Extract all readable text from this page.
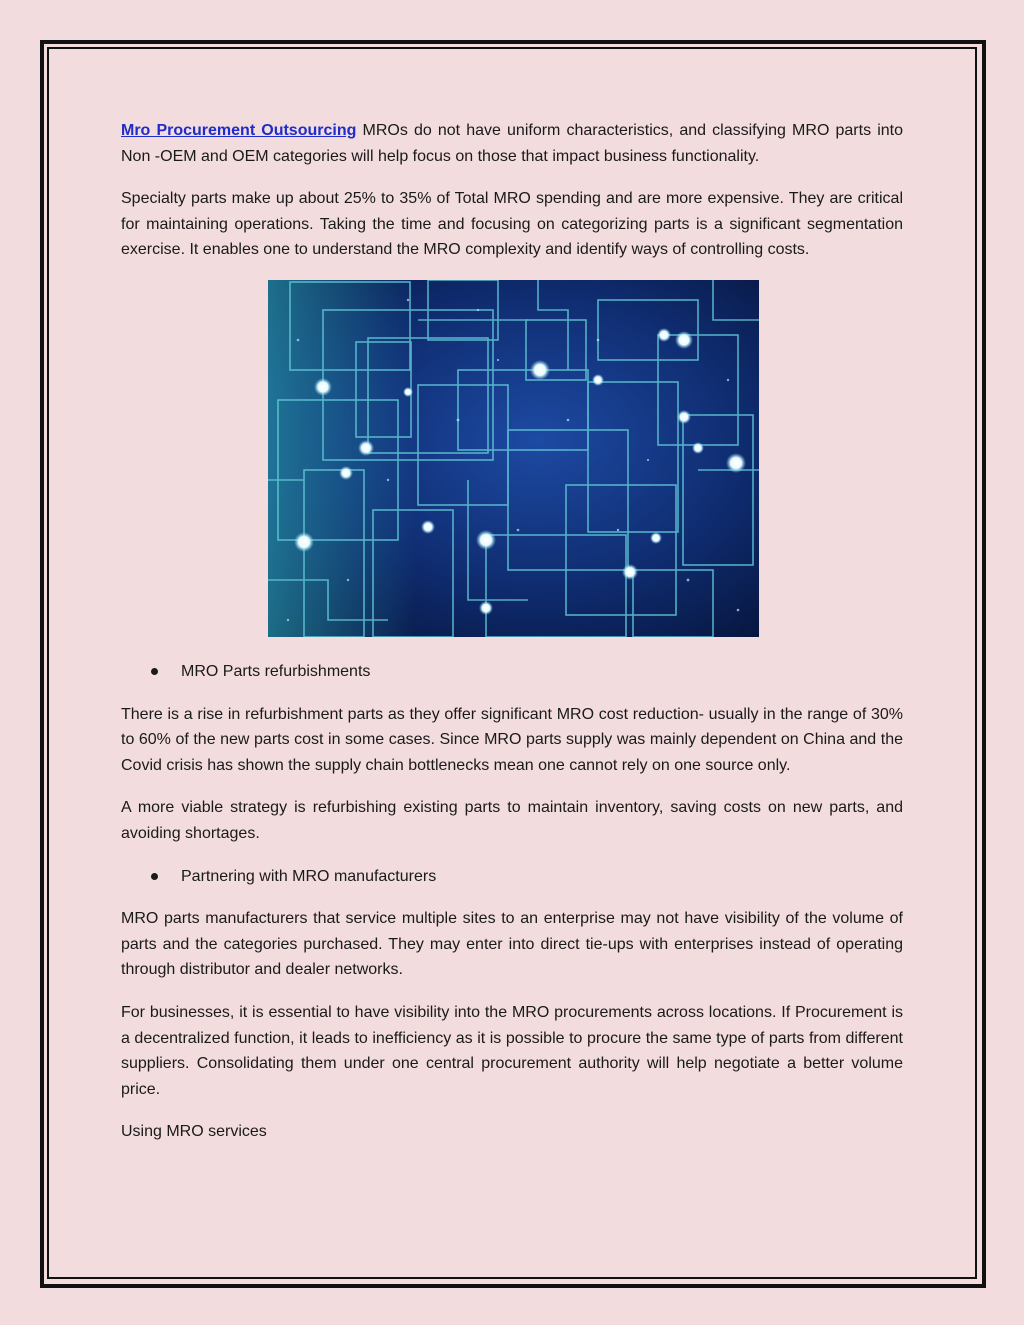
Mro Procurement Outsourcing MROs do not have uniform characteristics, and classifying MRO parts into Non -OEM and OEM categories will help focus on those that impact business functionality.

Specialty parts make up about 25% to 35% of Total MRO spending and are more expensive. They are critical for maintaining operations. Taking the time and focusing on categorizing parts is a significant segmentation exercise. It enables one to understand the MRO complexity and identify ways of controlling costs.

MRO Parts refurbishments

There is a rise in refurbishment parts as they offer significant MRO cost reduction- usually in the range of 30% to 60% of the new parts cost in some cases. Since MRO parts supply was mainly dependent on China and the Covid crisis has shown the supply chain bottlenecks mean one cannot rely on one source only.

A more viable strategy is refurbishing existing parts to maintain inventory, saving costs on new parts, and avoiding shortages.

Partnering with MRO manufacturers

MRO parts manufacturers that service multiple sites to an enterprise may not have visibility of the volume of parts and the categories purchased. They may enter into direct tie-ups with enterprises instead of operating through distributor and dealer networks.

For businesses, it is essential to have visibility into the MRO procurements across locations. If Procurement is a decentralized function, it leads to inefficiency as it is possible to procure the same type of parts from different suppliers. Consolidating them under one central procurement authority will help negotiate a better volume price.

Using MRO services
